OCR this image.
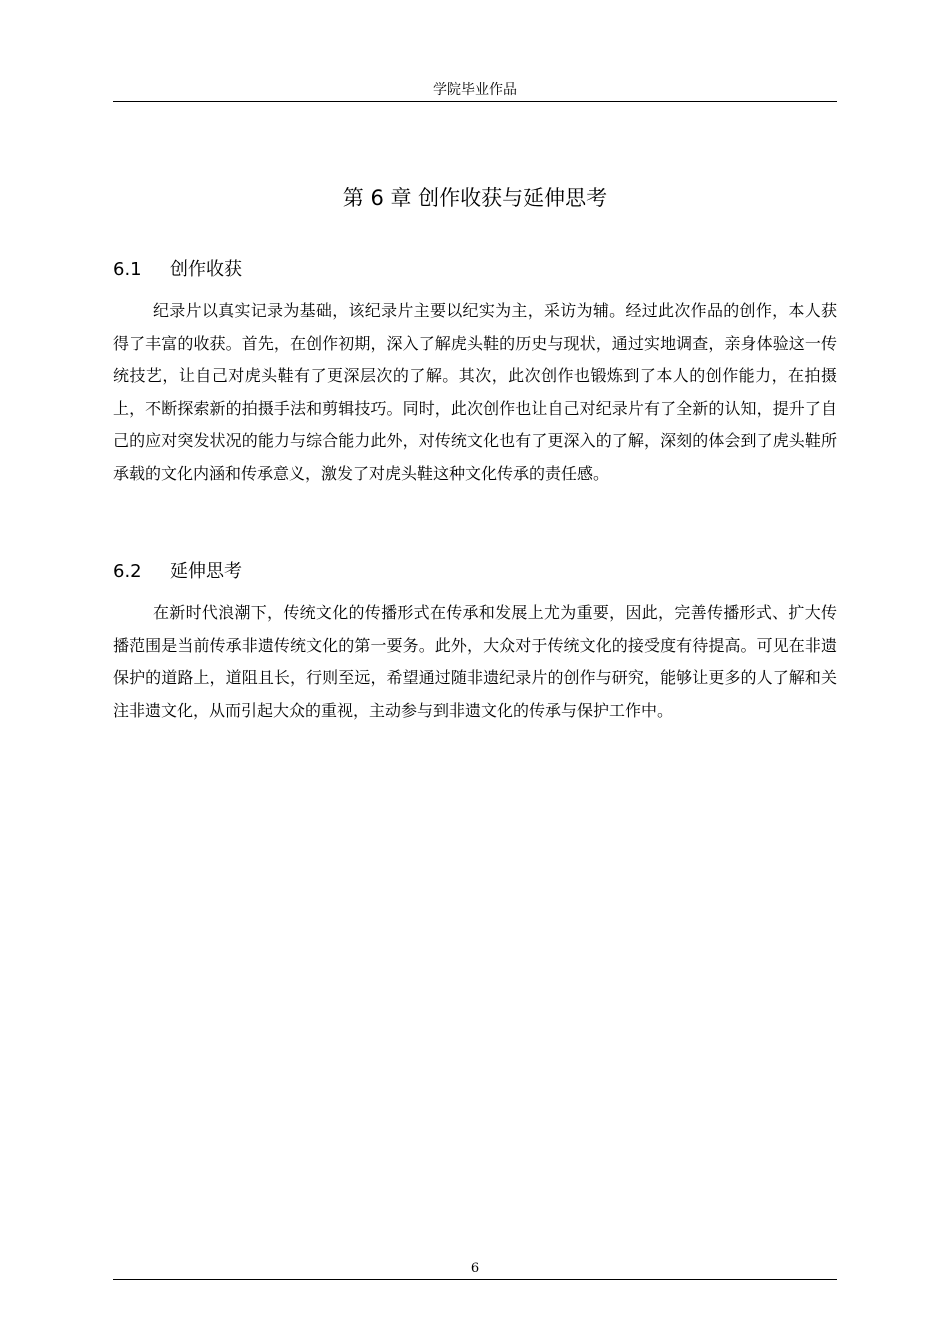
学院毕业作品
第 6 章 创作收获与延伸思考
6.1 创作收获

纪录片以真实记录为基础，该纪录片主要以纪实为主，采访为辅。经过此次作品的创作，本人获得了丰富的收获。首先，在创作初期，深入了解虎头鞋的历史与现状，通过实地调查，亲身体验这一传统技艺，让自己对虎头鞋有了更深层次的了解。其次，此次创作也锻炼到了本人的创作能力，在拍摄上，不断探索新的拍摄手法和剪辑技巧。同时，此次创作也让自己对纪录片有了全新的认知，提升了自己的应对突发状况的能力与综合能力此外，对传统文化也有了更深入的了解，深刻的体会到了虎头鞋所承载的文化内涵和传承意义，激发了对虎头鞋这种文化传承的责任感。

6.2 延伸思考

在新时代浪潮下，传统文化的传播形式在传承和发展上尤为重要，因此，完善传播形式、扩大传播范围是当前传承非遗传统文化的第一要务。此外，大众对于传统文化的接受度有待提高。可见在非遗保护的道路上，道阻且长，行则至远，希望通过随非遗纪录片的创作与研究，能够让更多的人了解和关注非遗文化，从而引起大众的重视，主动参与到非遗文化的传承与保护工作中。

6
